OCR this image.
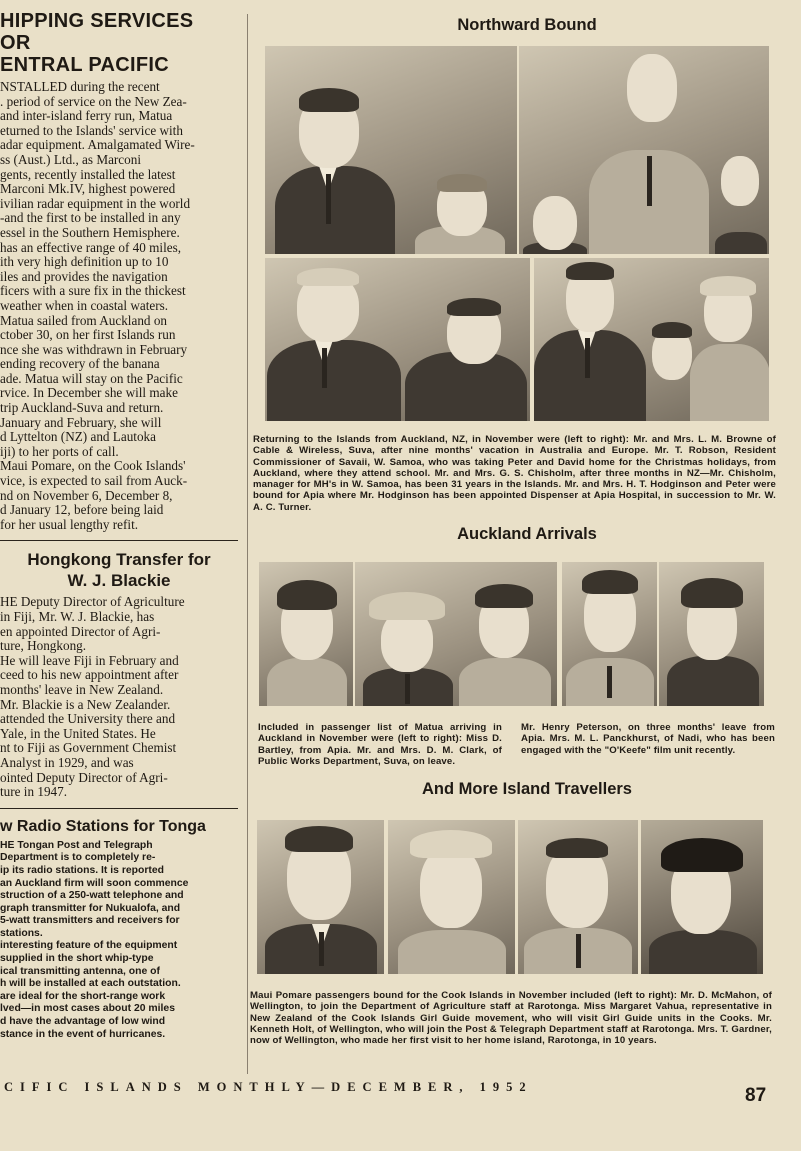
HIPPING SERVICES
OR
ENTRAL PACIFIC
NSTALLED during the recent
. period of service on the New Zea-
and inter-island ferry run, Matua
eturned to the Islands' service with
adar equipment. Amalgamated Wire-
ss (Aust.) Ltd., as Marconi
gents, recently installed the latest
Marconi Mk.IV, highest powered
ivilian radar equipment in the world
-and the first to be installed in any
essel in the Southern Hemisphere.
has an effective range of 40 miles,
ith very high definition up to 10
iles and provides the navigation
ficers with a sure fix in the thickest
weather when in coastal waters.
Matua sailed from Auckland on
ctober 30, on her first Islands run
nce she was withdrawn in February
ending recovery of the banana
ade. Matua will stay on the Pacific
rvice. In December she will make
trip Auckland-Suva and return.
January and February, she will
d Lyttelton (NZ) and Lautoka
iji) to her ports of call.
Maui Pomare, on the Cook Islands'
vice, is expected to sail from Auck-
nd on November 6, December 8,
d January 12, before being laid
for her usual lengthy refit.
Hongkong Transfer for
W. J. Blackie
HE Deputy Director of Agriculture
in Fiji, Mr. W. J. Blackie, has
en appointed Director of Agri-
ture, Hongkong.
He will leave Fiji in February and
ceed to his new appointment after
months' leave in New Zealand.
Mr. Blackie is a New Zealander.
attended the University there and
Yale, in the United States. He
nt to Fiji as Government Chemist
Analyst in 1929, and was
ointed Deputy Director of Agri-
ture in 1947.
w Radio Stations for Tonga
HE Tongan Post and Telegraph
Department is to completely re-
ip its radio stations. It is reported
an Auckland firm will soon commence
struction of a 250-watt telephone and
graph transmitter for Nukualofa, and
5-watt transmitters and receivers for
stations.
interesting feature of the equipment
supplied in the short whip-type
ical transmitting antenna, one of
h will be installed at each outstation.
are ideal for the short-range work
lved—in most cases about 20 miles
d have the advantage of low wind
stance in the event of hurricanes.
Northward Bound
Returning to the Islands from Auckland, NZ, in November were (left to right): Mr. and Mrs. L. M. Browne of Cable & Wireless, Suva, after nine months' vacation in Australia and Europe. Mr. T. Robson, Resident Commissioner of Savaii, W. Samoa, who was taking Peter and David home for the Christmas holidays, from Auckland, where they attend school. Mr. and Mrs. G. S. Chisholm, after three months in NZ—Mr. Chisholm, manager for MH's in W. Samoa, has been 31 years in the Islands. Mr. and Mrs. H. T. Hodginson and Peter were bound for Apia where Mr. Hodginson has been appointed Dispenser at Apia Hospital, in succession to Mr. W. A. C. Turner.
Auckland Arrivals
Included in passenger list of Matua arriving in Auckland in November were (left to right): Miss D. Bartley, from Apia. Mr. and Mrs. D. M. Clark, of Public Works Department, Suva, on leave.
Mr. Henry Peterson, on three months' leave from Apia. Mrs. M. L. Panckhurst, of Nadi, who has been engaged with the "O'Keefe" film unit recently.
And More Island Travellers
Maui Pomare passengers bound for the Cook Islands in November included (left to right): Mr. D. McMahon, of Wellington, to join the Department of Agriculture staff at Rarotonga. Miss Margaret Vahua, representative in New Zealand of the Cook Islands Girl Guide movement, who will visit Girl Guide units in the Cooks. Mr. Kenneth Holt, of Wellington, who will join the Post & Telegraph Department staff at Rarotonga. Mrs. T. Gardner, now of Wellington, who made her first visit to her home island, Rarotonga, in 10 years.
CIFIC ISLANDS MONTHLY—DECEMBER, 1952	87
